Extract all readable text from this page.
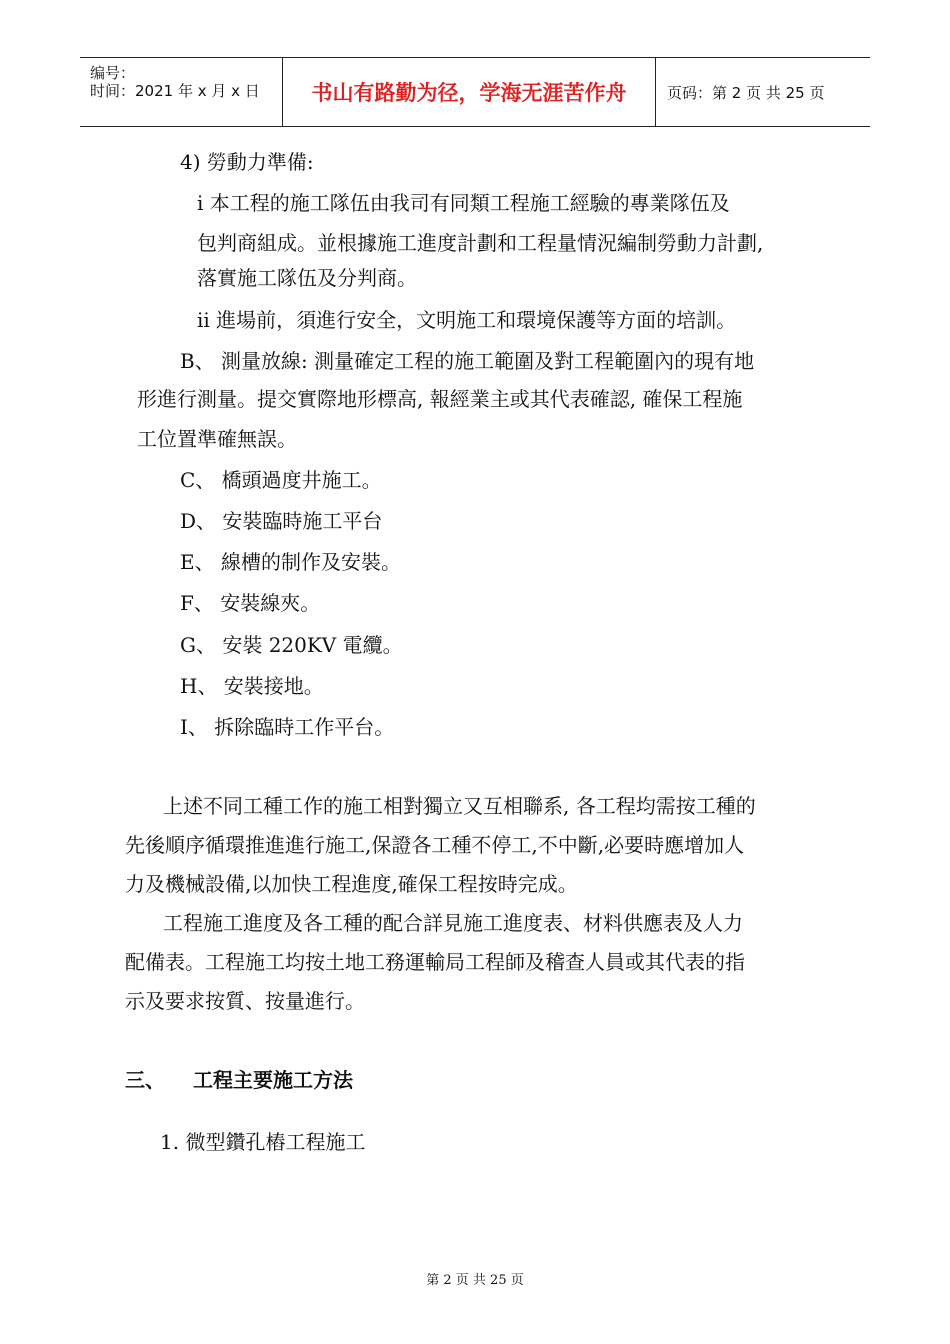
编号：
时间：2021 年 x 月 x 日	书山有路勤为径，学海无涯苦作舟	页码：第 2 页 共 25 页
4) 勞動力準備:
i 本工程的施工隊伍由我司有同類工程施工經驗的專業隊伍及
包判商組成。並根據施工進度計劃和工程量情況編制勞動力計劃,
落實施工隊伍及分判商。
ii 進場前，須進行安全，文明施工和環境保護等方面的培訓。
B、 測量放線: 測量確定工程的施工範圍及對工程範圍內的現有地
形進行測量。提交實際地形標高, 報經業主或其代表確認, 確保工程施
工位置準確無誤。
C、 橋頭過度井施工。
D、 安裝臨時施工平台
E、 線槽的制作及安裝。
F、 安裝線夾。
G、 安裝 220KV 電纜。
H、 安裝接地。
I、 拆除臨時工作平台。
上述不同工種工作的施工相對獨立又互相聯系, 各工程均需按工種的
先後順序循環推進進行施工,保證各工種不停工,不中斷,必要時應增加人
力及機械設備,以加快工程進度,確保工程按時完成。
工程施工進度及各工種的配合詳見施工進度表、材料供應表及人力
配備表。工程施工均按土地工務運輸局工程師及稽查人員或其代表的指
示及要求按質、按量進行。
三、 工程主要施工方法
1. 微型鑽孔樁工程施工
第 2 页 共 25 页
